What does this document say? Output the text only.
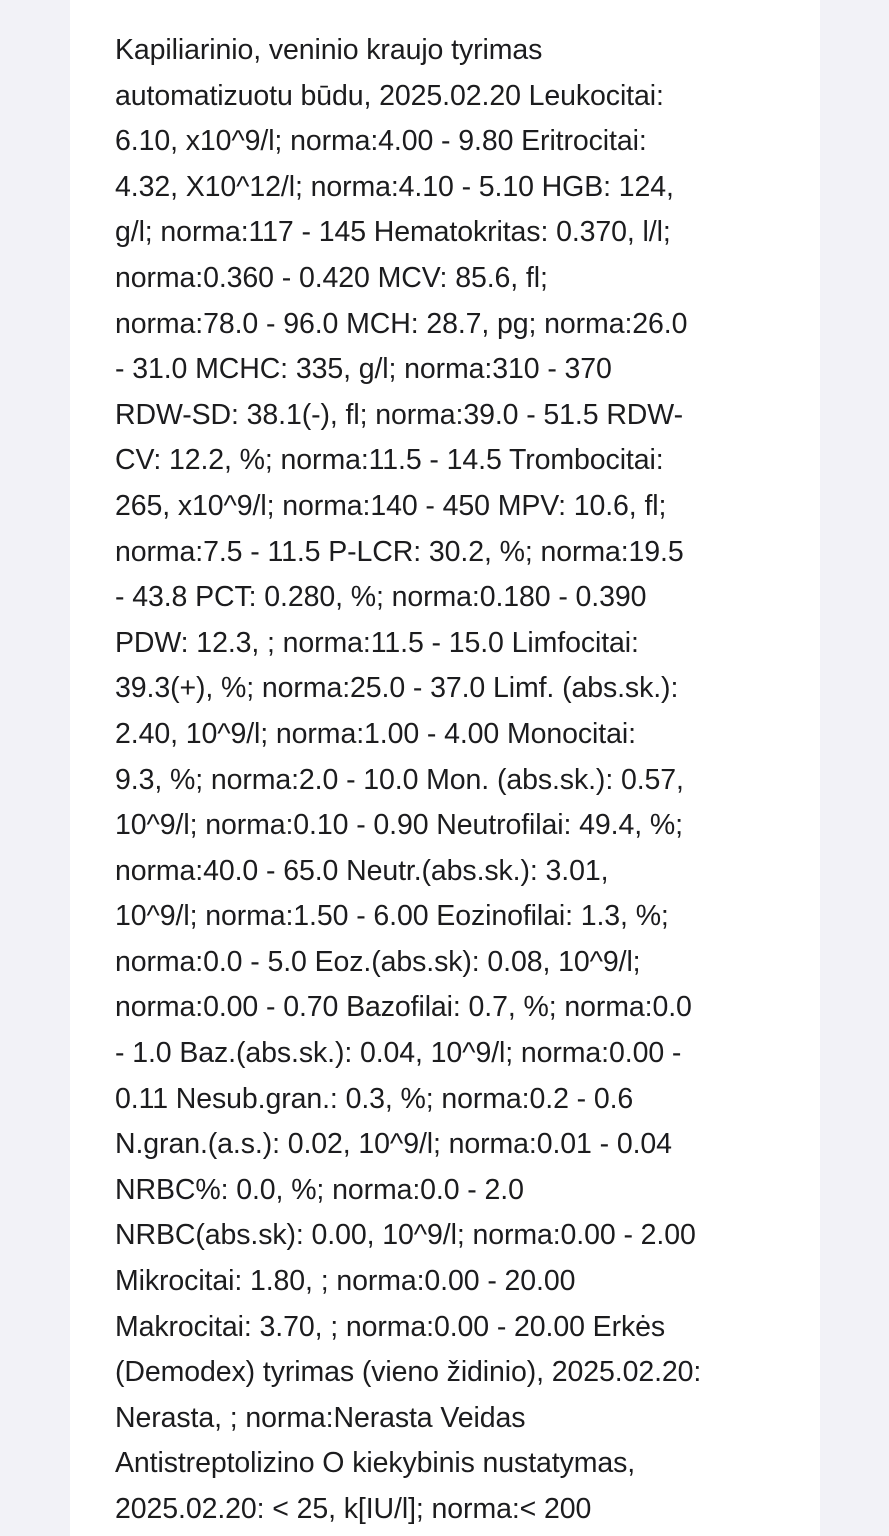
Kapiliarinio, veninio kraujo tyrimas
automatizuotu būdu, 2025.02.20 Leukocitai:
6.10, x10^9/l; norma:4.00 - 9.80 Eritrocitai:
4.32, X10^12/l; norma:4.10 - 5.10 HGB: 124,
g/l; norma:117 - 145 Hematokritas: 0.370, l/l;
norma:0.360 - 0.420 MCV: 85.6, fl;
norma:78.0 - 96.0 MCH: 28.7, pg; norma:26.0
- 31.0 MCHC: 335, g/l; norma:310 - 370
RDW-SD: 38.1(-), fl; norma:39.0 - 51.5 RDW-
CV: 12.2, %; norma:11.5 - 14.5 Trombocitai:
265, x10^9/l; norma:140 - 450 MPV: 10.6, fl;
norma:7.5 - 11.5 P-LCR: 30.2, %; norma:19.5
- 43.8 PCT: 0.280, %; norma:0.180 - 0.390
PDW: 12.3, ; norma:11.5 - 15.0 Limfocitai:
39.3(+), %; norma:25.0 - 37.0 Limf. (abs.sk.):
2.40, 10^9/l; norma:1.00 - 4.00 Monocitai:
9.3, %; norma:2.0 - 10.0 Mon. (abs.sk.): 0.57,
10^9/l; norma:0.10 - 0.90 Neutrofilai: 49.4, %;
norma:40.0 - 65.0 Neutr.(abs.sk.): 3.01,
10^9/l; norma:1.50 - 6.00 Eozinofilai: 1.3, %;
norma:0.0 - 5.0 Eoz.(abs.sk): 0.08, 10^9/l;
norma:0.00 - 0.70 Bazofilai: 0.7, %; norma:0.0
- 1.0 Baz.(abs.sk.): 0.04, 10^9/l; norma:0.00 -
0.11 Nesub.gran.: 0.3, %; norma:0.2 - 0.6
N.gran.(a.s.): 0.02, 10^9/l; norma:0.01 - 0.04
NRBC%: 0.0, %; norma:0.0 - 2.0
NRBC(abs.sk): 0.00, 10^9/l; norma:0.00 - 2.00
Mikrocitai: 1.80, ; norma:0.00 - 20.00
Makrocitai: 3.70, ; norma:0.00 - 20.00 Erkės
(Demodex) tyrimas (vieno židinio), 2025.02.20:
Nerasta, ; norma:Nerasta Veidas
Antistreptolizino O kiekybinis nustatymas,
2025.02.20: < 25, k[IU/l]; norma:< 200
